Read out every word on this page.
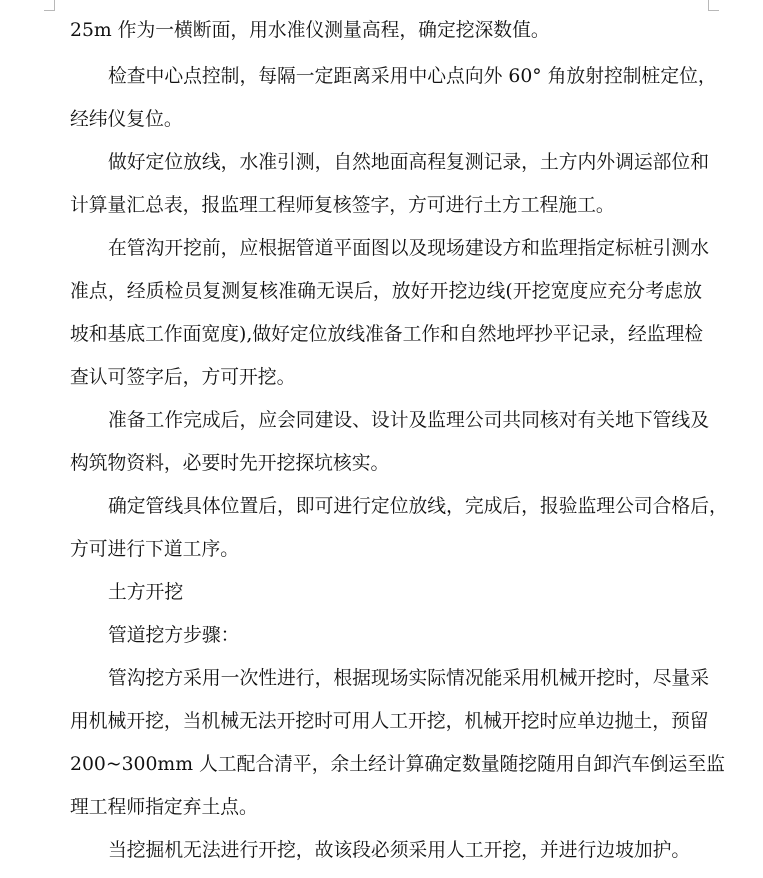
25m 作为一横断面，用水准仪测量高程，确定挖深数值。
检查中心点控制，每隔一定距离采用中心点向外 60° 角放射控制桩定位，
经纬仪复位。
做好定位放线，水准引测，自然地面高程复测记录，土方内外调运部位和
计算量汇总表，报监理工程师复核签字，方可进行土方工程施工。
在管沟开挖前，应根据管道平面图以及现场建设方和监理指定标桩引测水
准点，经质检员复测复核准确无误后，放好开挖边线(开挖宽度应充分考虑放
坡和基底工作面宽度),做好定位放线准备工作和自然地坪抄平记录，经监理检
查认可签字后，方可开挖。
准备工作完成后，应会同建设、设计及监理公司共同核对有关地下管线及
构筑物资料，必要时先开挖探坑核实。
确定管线具体位置后，即可进行定位放线，完成后，报验监理公司合格后，
方可进行下道工序。
土方开挖
管道挖方步骤：
管沟挖方采用一次性进行，根据现场实际情况能采用机械开挖时，尽量采
用机械开挖，当机械无法开挖时可用人工开挖，机械开挖时应单边抛土，预留
200~300mm 人工配合清平，余土经计算确定数量随挖随用自卸汽车倒运至监
理工程师指定弃土点。
当挖掘机无法进行开挖，故该段必须采用人工开挖，并进行边坡加护。
